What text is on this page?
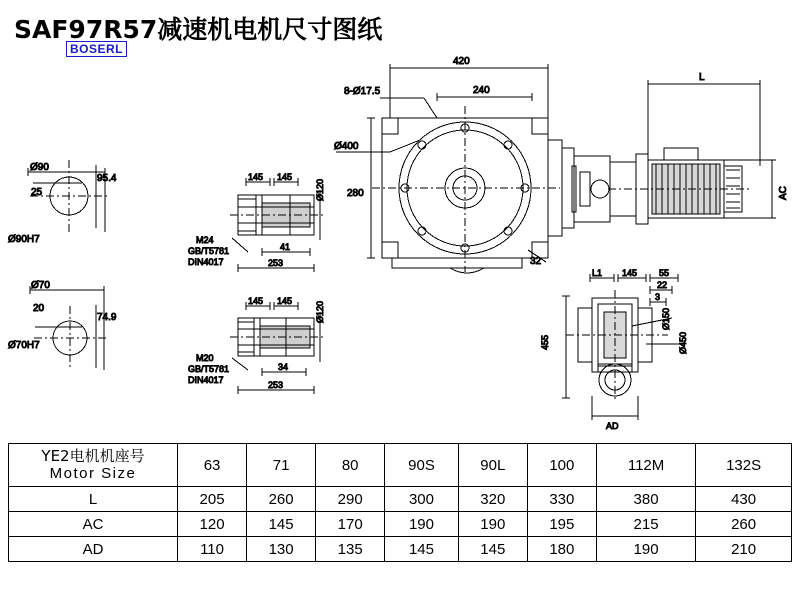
SAF97R57减速机电机尺寸图纸
BOSERL
Ø90
25
95.4
Ø90H7
Ø70
20
74.9
Ø70H7
145 145
Ø120
M24
GB/T5781
DIN4017
41
253
145 145	Ø120
M20
GB/T5781
DIN4017
34
253
420
240
8-Ø17.5
Ø400
280
32
L
AC
455
L1 145 55
22
3
Ø150
Ø450
AD
YE2电机机座号
Motor Size	63	71	80	90S	90L	100	112M	132S
L	205	260	290	300	320	330	380	430
AC	120	145	170	190	190	195	215	260
AD	110	130	135	145	145	180	190	210
